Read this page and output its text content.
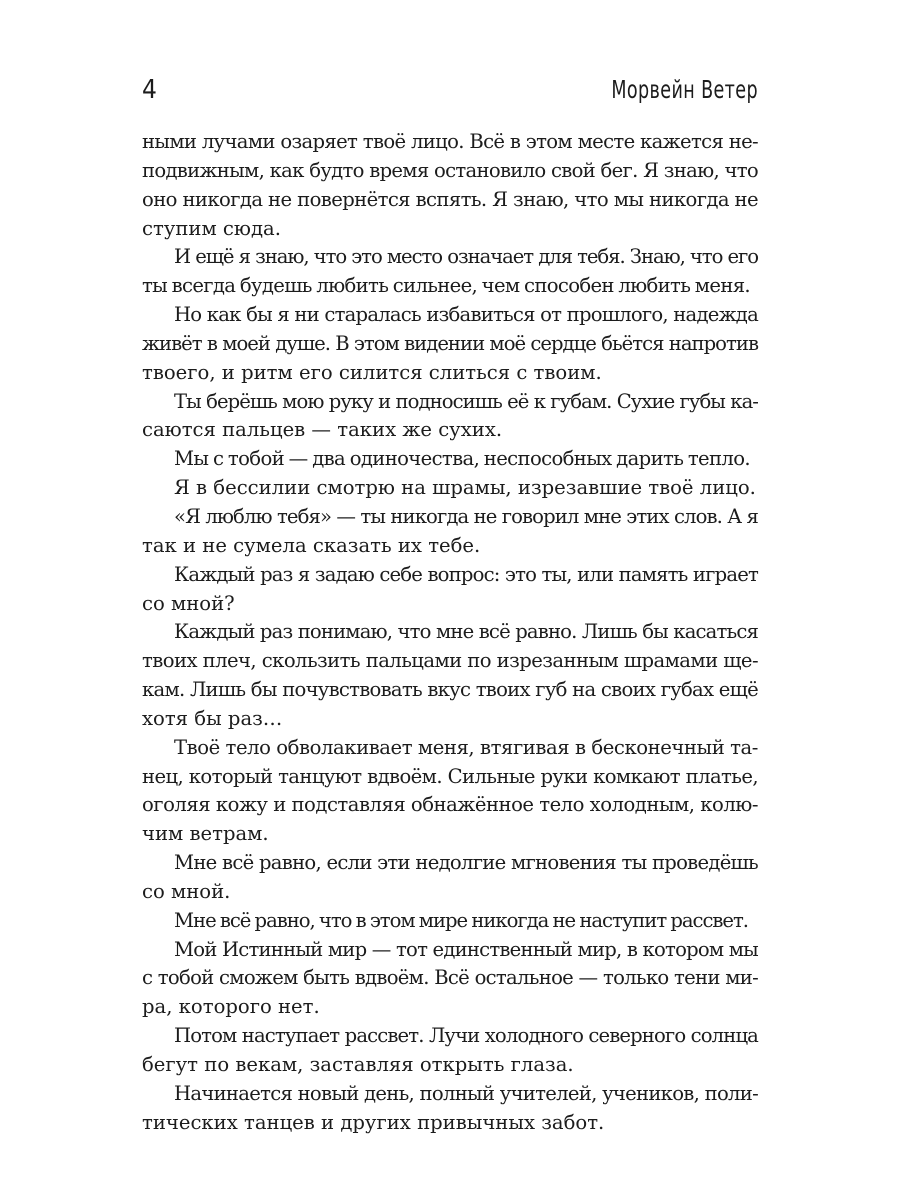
4	Морвейн Ветер
ными лучами озаряет твоё лицо. Всё в этом месте кажется не-
подвижным, как будто время остановило свой бег. Я знаю, что
оно никогда не повернётся вспять. Я знаю, что мы никогда не
ступим сюда.
И ещё я знаю, что это место означает для тебя. Знаю, что его
ты всегда будешь любить сильнее, чем способен любить меня.
Но как бы я ни старалась избавиться от прошлого, надежда
живёт в моей душе. В этом видении моё сердце бьётся напротив
твоего, и ритм его силится слиться с твоим.
Ты берёшь мою руку и подносишь её к губам. Сухие губы ка-
саются пальцев — таких же сухих.
Мы с тобой — два одиночества, неспособных дарить тепло.
Я в бессилии смотрю на шрамы, изрезавшие твоё лицо.
«Я люблю тебя» — ты никогда не говорил мне этих слов. А я
так и не сумела сказать их тебе.
Каждый раз я задаю себе вопрос: это ты, или память играет
со мной?
Каждый раз понимаю, что мне всё равно. Лишь бы касаться
твоих плеч, скользить пальцами по изрезанным шрамами ще-
кам. Лишь бы почувствовать вкус твоих губ на своих губах ещё
хотя бы раз…
Твоё тело обволакивает меня, втягивая в бесконечный та-
нец, который танцуют вдвоём. Сильные руки комкают платье,
оголяя кожу и подставляя обнажённое тело холодным, колю-
чим ветрам.
Мне всё равно, если эти недолгие мгновения ты проведёшь
со мной.
Мне всё равно, что в этом мире никогда не наступит рассвет.
Мой Истинный мир — тот единственный мир, в котором мы
с тобой сможем быть вдвоём. Всё остальное — только тени ми-
ра, которого нет.
Потом наступает рассвет. Лучи холодного северного солнца
бегут по векам, заставляя открыть глаза.
Начинается новый день, полный учителей, учеников, поли-
тических танцев и других привычных забот.
